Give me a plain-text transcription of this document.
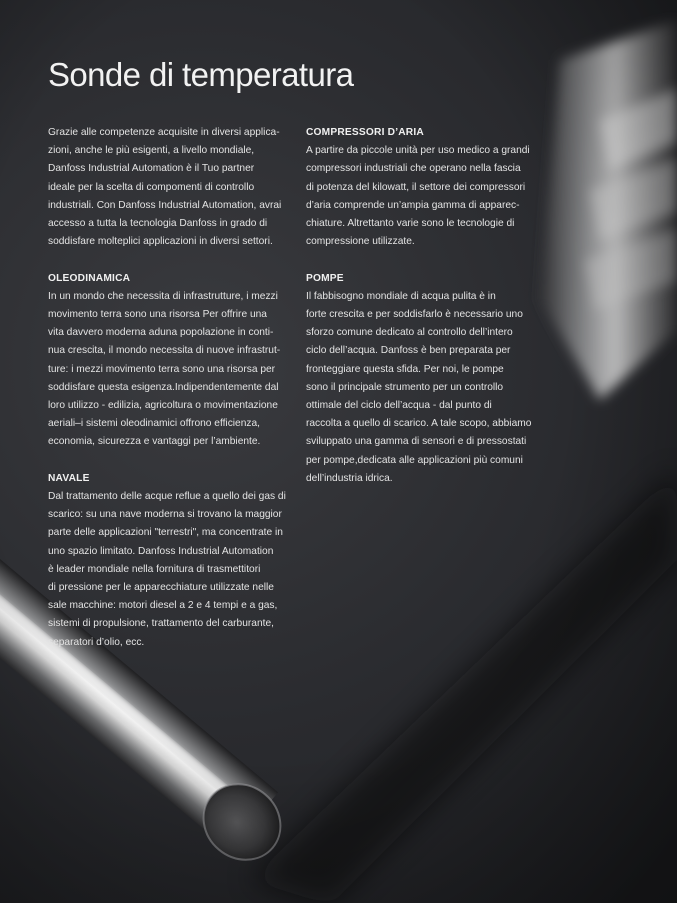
Sonde di temperatura

Grazie alle competenze acquisite in diversi applica-
zioni, anche le più esigenti, a livello mondiale,
Danfoss Industrial Automation è il Tuo partner
ideale per la scelta di compomenti di controllo
industriali. Con Danfoss Industrial Automation, avrai
accesso a tutta la tecnologia Danfoss in grado di
soddisfare molteplici applicazioni in diversi settori.

OLEODINAMICA

In un mondo che necessita di infrastrutture, i mezzi
movimento terra sono una risorsa Per offrire una
vita davvero moderna aduna popolazione in conti-
nua crescita, il mondo necessita di nuove infrastrut-
ture: i mezzi movimento terra sono una risorsa per
soddisfare questa esigenza.Indipendentemente dal
loro utilizzo - edilizia, agricoltura o movimentazione
aeriali–i sistemi oleodinamici offrono efficienza,
economia, sicurezza e vantaggi per l’ambiente.

NAVALE

Dal trattamento delle acque reflue a quello dei gas di
scarico: su una nave moderna si trovano la maggior
parte delle applicazioni "terrestri", ma concentrate in
uno spazio limitato. Danfoss Industrial Automation
è leader mondiale nella fornitura di trasmettitori
di pressione per le apparecchiature utilizzate nelle
sale macchine: motori diesel a 2 e 4 tempi e a gas,
sistemi di propulsione, trattamento del carburante,
separatori d’olio, ecc.

COMPRESSORI D’ARIA

A partire da piccole unità per uso medico a grandi
compressori industriali che operano nella fascia
di potenza del kilowatt, il settore dei compressori
d’aria comprende un’ampia gamma di apparec-
chiature. Altrettanto varie sono le tecnologie di
compressione utilizzate.

POMPE

Il fabbisogno mondiale di acqua pulita è in
forte crescita e per soddisfarlo è necessario uno
sforzo comune dedicato al controllo dell’intero
ciclo dell’acqua. Danfoss è ben preparata per
fronteggiare questa sfida. Per noi, le pompe
sono il principale strumento per un controllo
ottimale del ciclo dell’acqua - dal punto di
raccolta a quello di scarico. A tale scopo, abbiamo
sviluppato una gamma di sensori e di pressostati
per pompe,dedicata alle applicazioni più comuni
dell’industria idrica.
